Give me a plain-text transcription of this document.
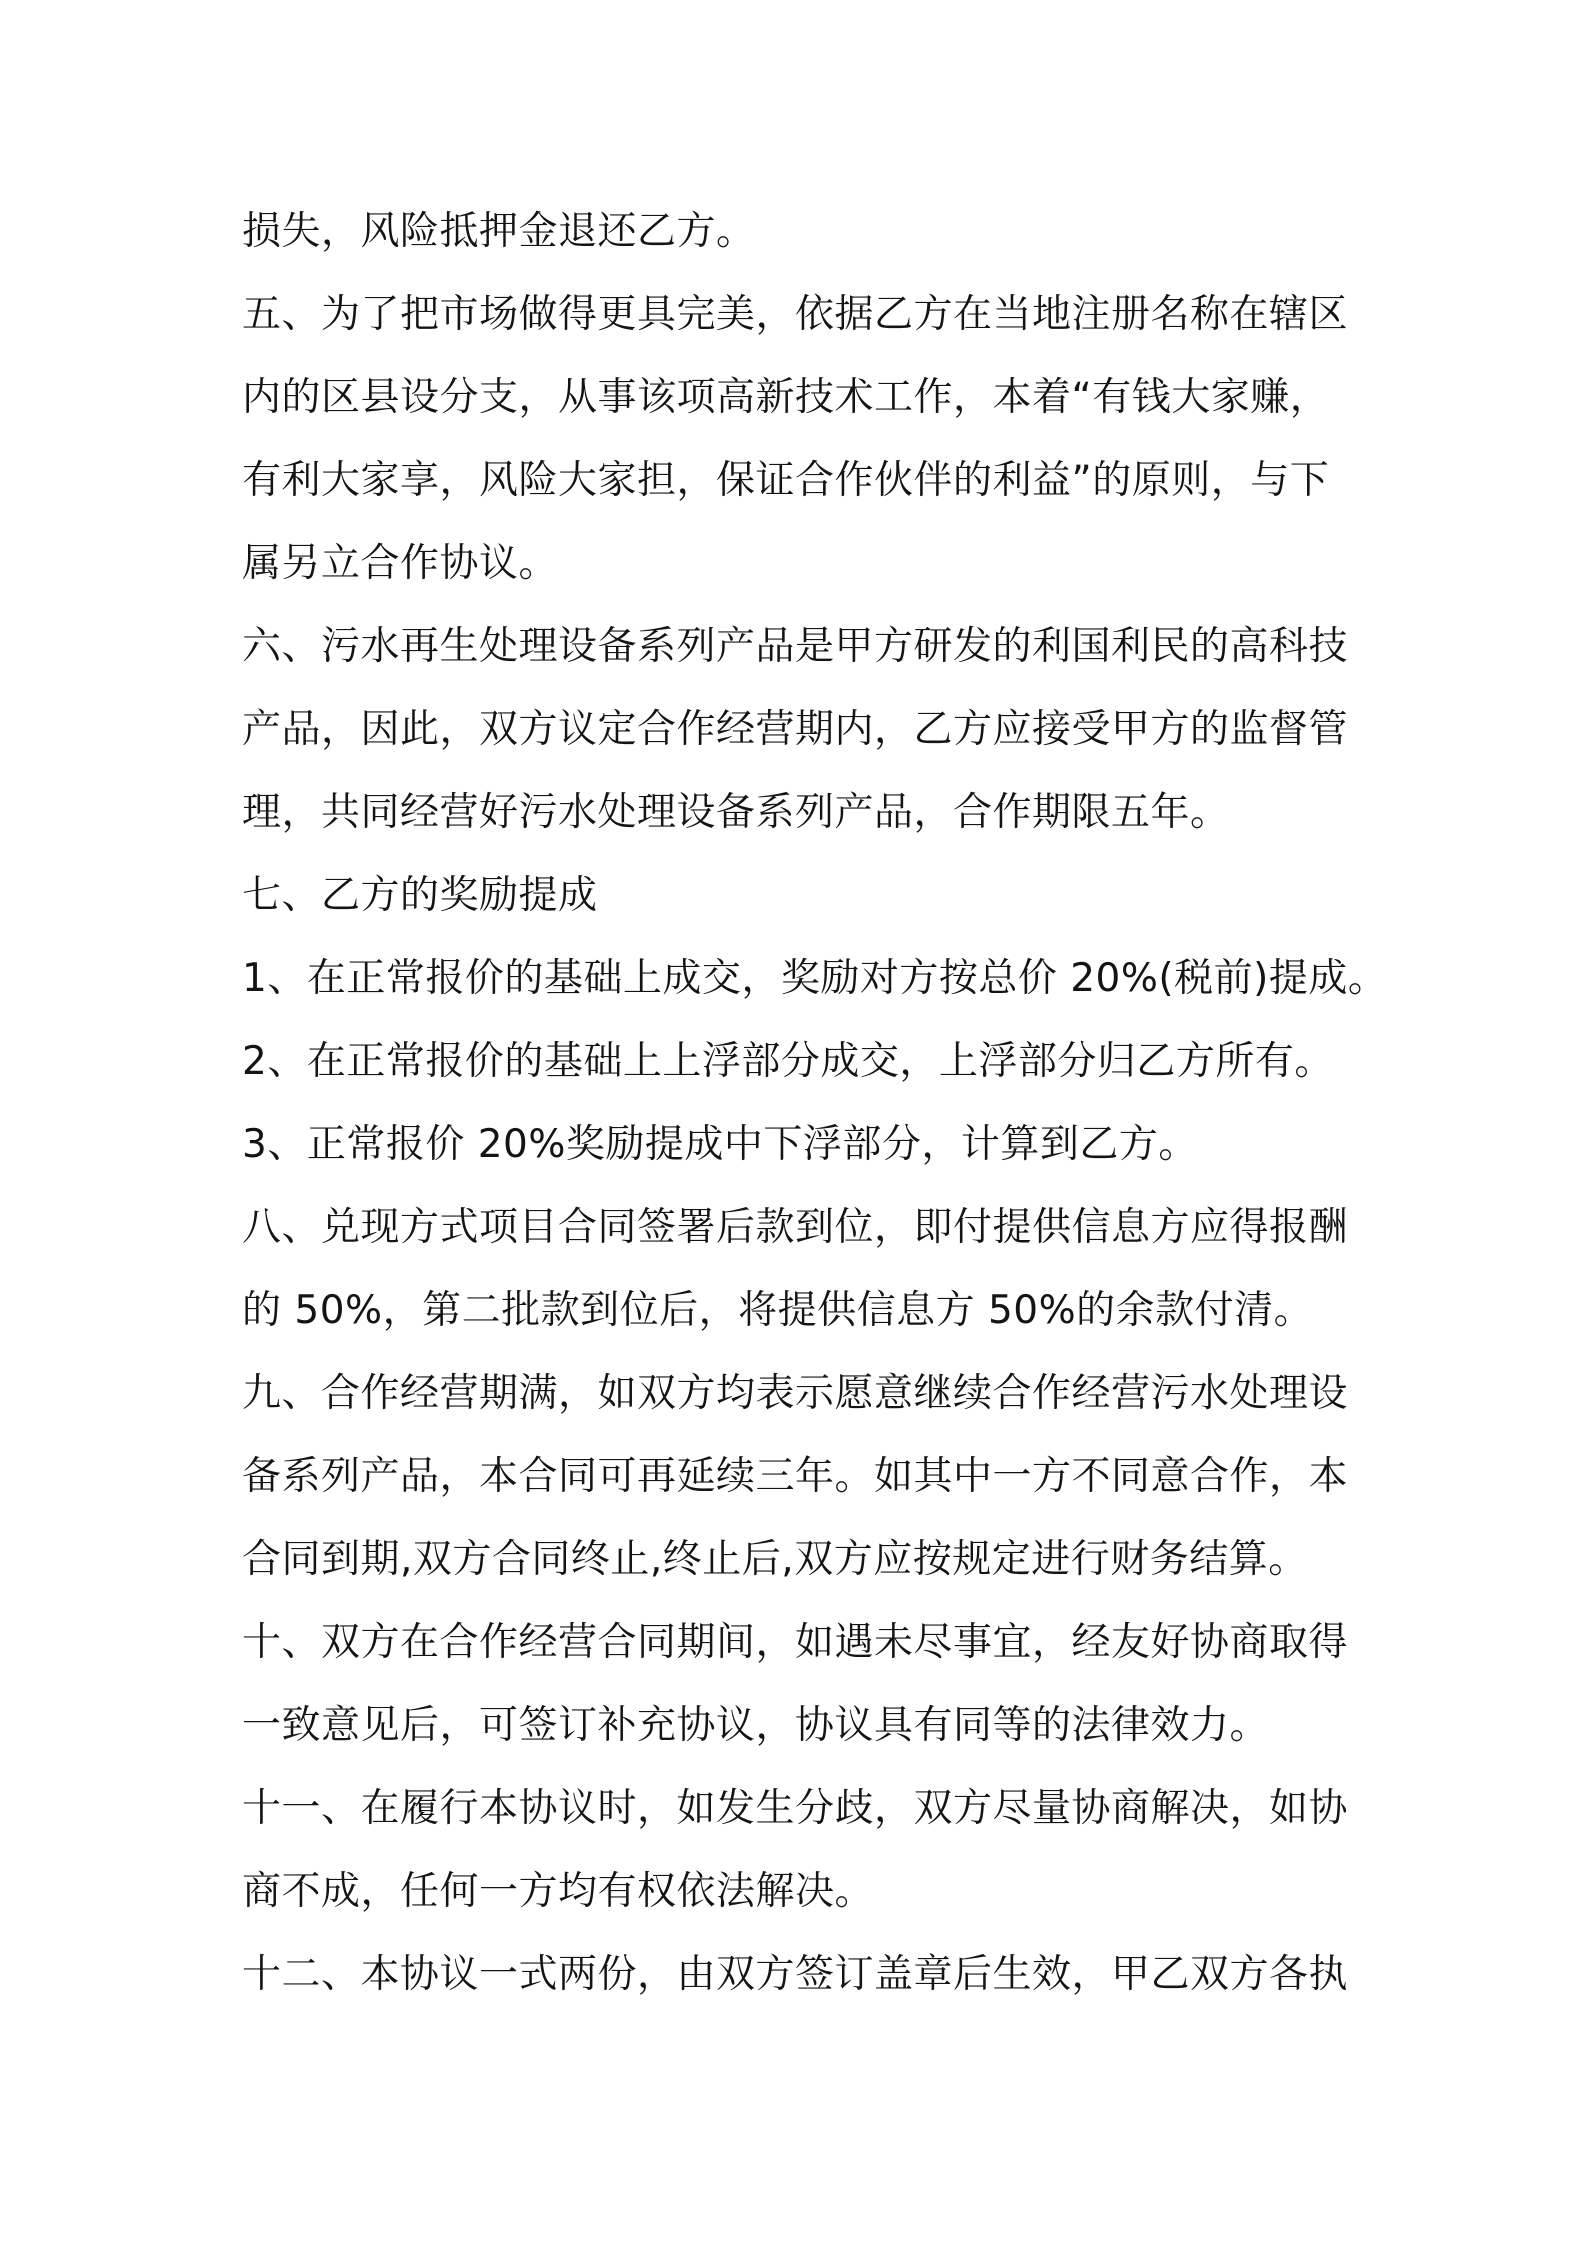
损失，风险抵押金退还乙方。
五、为了把市场做得更具完美，依据乙方在当地注册名称在辖区
内的区县设分支，从事该项高新技术工作，本着“有钱大家赚，
有利大家享，风险大家担，保证合作伙伴的利益”的原则，与下
属另立合作协议。
六、污水再生处理设备系列产品是甲方研发的利国利民的高科技
产品，因此，双方议定合作经营期内，乙方应接受甲方的监督管
理，共同经营好污水处理设备系列产品，合作期限五年。
七、乙方的奖励提成
1、在正常报价的基础上成交，奖励对方按总价 20%(税前)提成。
2、在正常报价的基础上上浮部分成交，上浮部分归乙方所有。
3、正常报价 20%奖励提成中下浮部分，计算到乙方。
八、兑现方式项目合同签署后款到位，即付提供信息方应得报酬
的 50%，第二批款到位后，将提供信息方 50%的余款付清。
九、合作经营期满，如双方均表示愿意继续合作经营污水处理设
备系列产品，本合同可再延续三年。如其中一方不同意合作，本
合同到期,双方合同终止,终止后,双方应按规定进行财务结算。
十、双方在合作经营合同期间，如遇未尽事宜，经友好协商取得
一致意见后，可签订补充协议，协议具有同等的法律效力。
十一、在履行本协议时，如发生分歧，双方尽量协商解决，如协
商不成，任何一方均有权依法解决。
十二、本协议一式两份，由双方签订盖章后生效，甲乙双方各执
